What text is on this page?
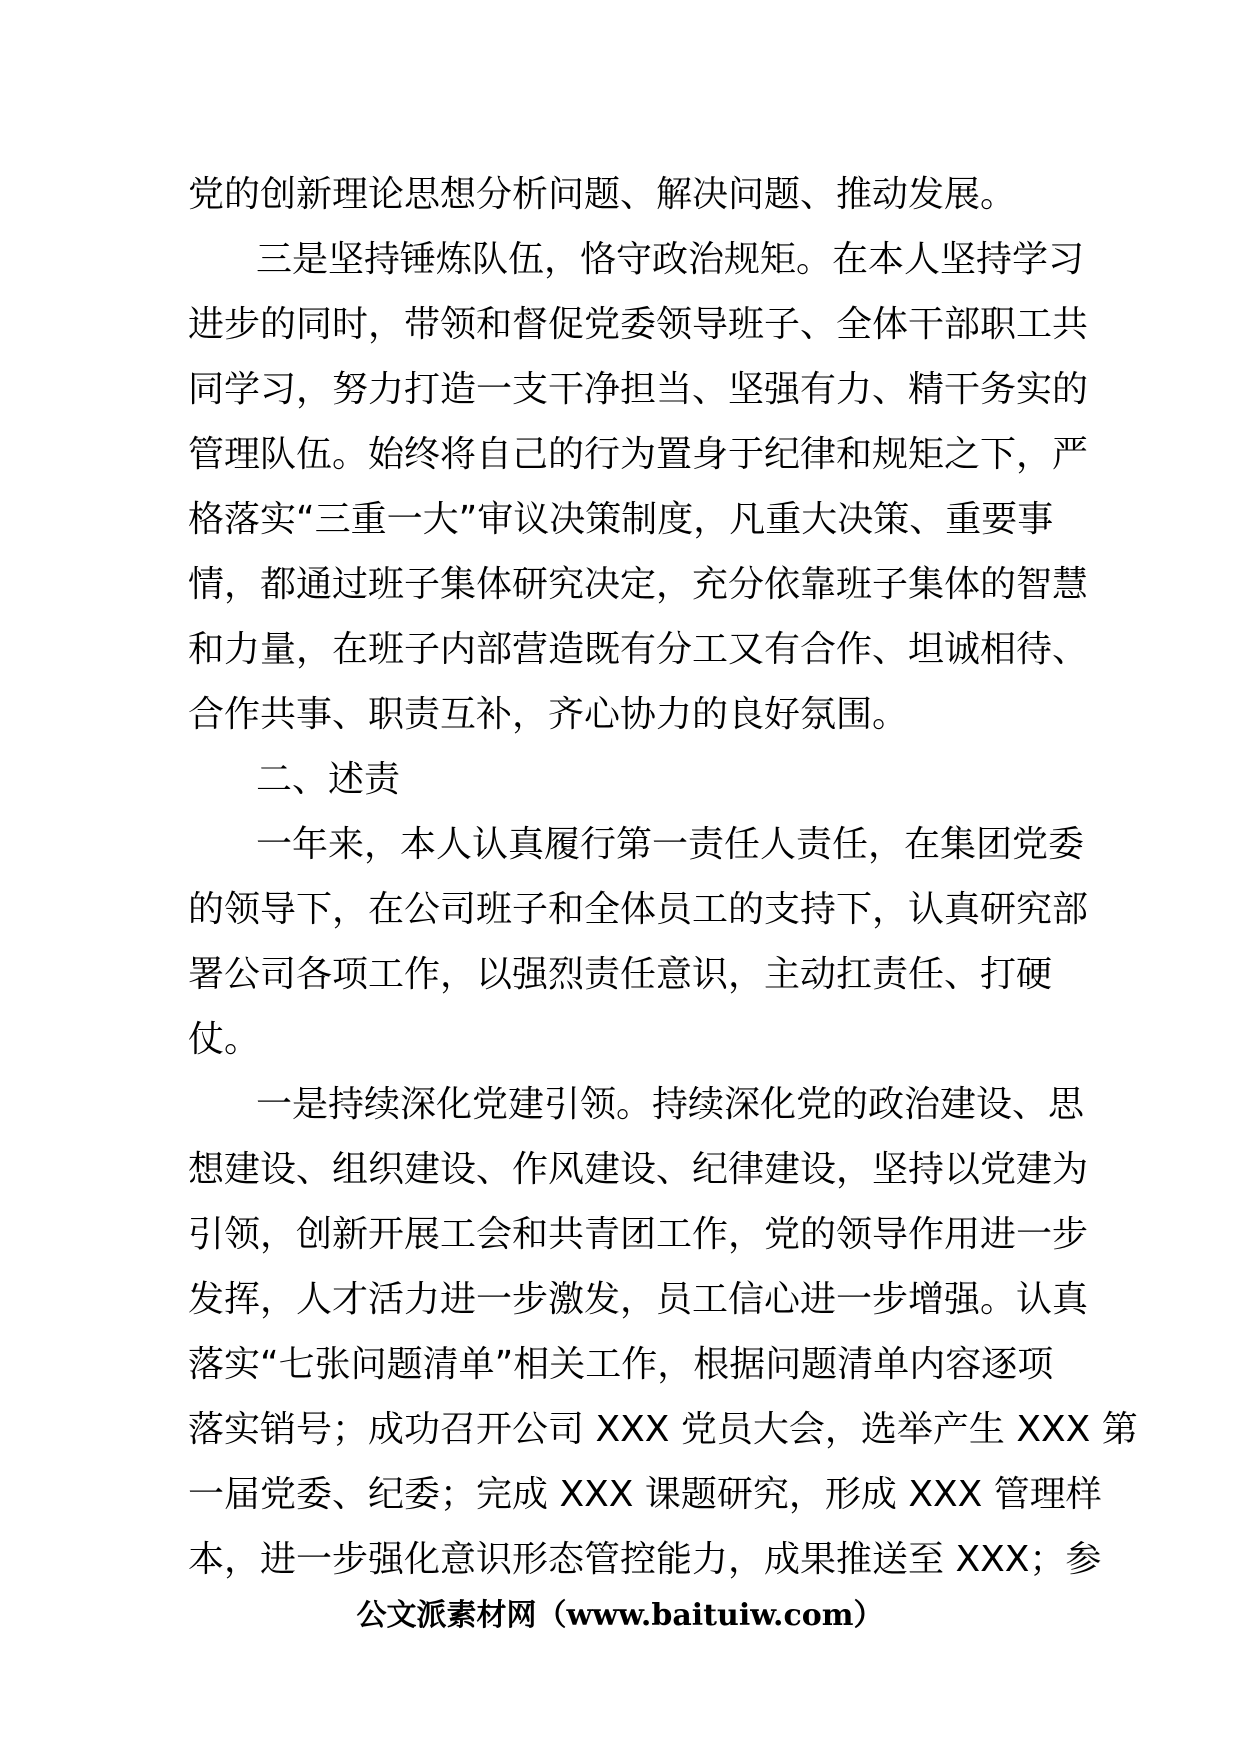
党的创新理论思想分析问题、解决问题、推动发展。
三是坚持锤炼队伍，恪守政治规矩。在本人坚持学习
进步的同时，带领和督促党委领导班子、全体干部职工共
同学习，努力打造一支干净担当、坚强有力、精干务实的
管理队伍。始终将自己的行为置身于纪律和规矩之下，严
格落实“三重一大”审议决策制度，凡重大决策、重要事
情，都通过班子集体研究决定，充分依靠班子集体的智慧
和力量，在班子内部营造既有分工又有合作、坦诚相待、
合作共事、职责互补，齐心协力的良好氛围。
二、述责
一年来，本人认真履行第一责任人责任，在集团党委
的领导下，在公司班子和全体员工的支持下，认真研究部
署公司各项工作，以强烈责任意识，主动扛责任、打硬
仗。
一是持续深化党建引领。持续深化党的政治建设、思
想建设、组织建设、作风建设、纪律建设，坚持以党建为
引领，创新开展工会和共青团工作，党的领导作用进一步
发挥，人才活力进一步激发，员工信心进一步增强。认真
落实“七张问题清单”相关工作，根据问题清单内容逐项
落实销号；成功召开公司 XXX 党员大会，选举产生 XXX 第
一届党委、纪委；完成 XXX 课题研究，形成 XXX 管理样
本，进一步强化意识形态管控能力，成果推送至 XXX；参
公文派素材网（www.baituiw.com）
